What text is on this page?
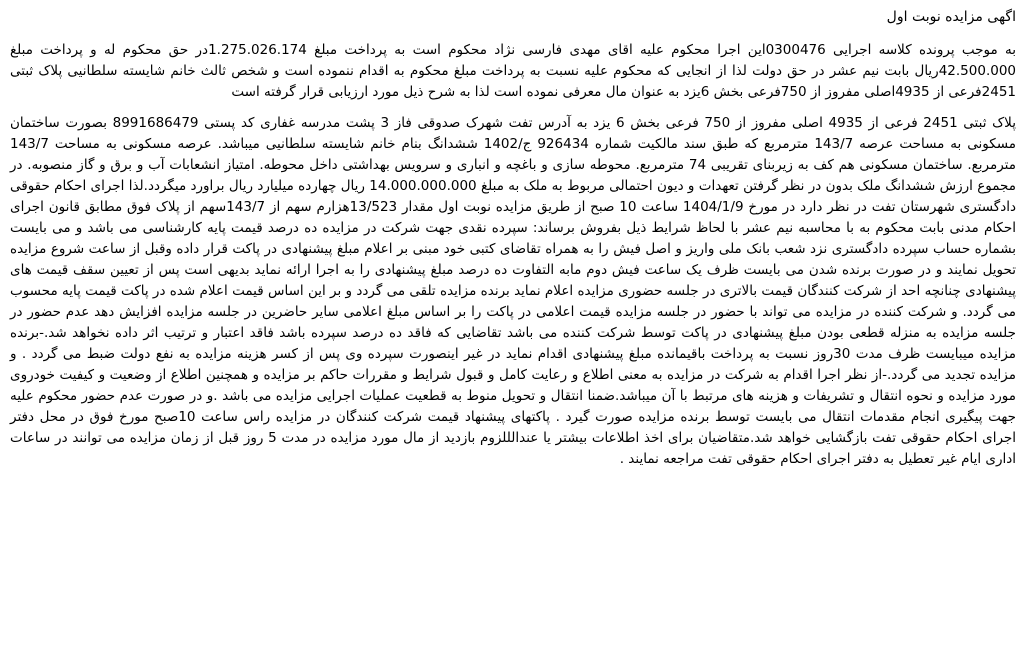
اگهی مزایده نوبت اول

به موجب پرونده کلاسه اجرایی 0300476این اجرا محکوم علیه اقای مهدی فارسی نژاد محکوم است به پرداخت مبلغ 1.275.026.174در حق محکوم له و پرداخت مبلغ 42.500.000ریال بابت نیم عشر در حق دولت لذا از انجایی که محکوم علیه نسبت به پرداخت مبلغ محکوم به اقدام ننموده است و شخص ثالث خانم شایسته سلطانیی پلاک ثبتی 2451فرعی از 4935اصلی مفروز از 750فرعی بخش 6یزد به عنوان مال معرفی نموده است لذا به شرح ذیل مورد ارزیابی قرار گرفته است

پلاک ثبتی 2451 فرعی از 4935 اصلی مفروز از 750 فرعی بخش 6 یزد به آدرس تفت شهرک صدوقی فاز 3 پشت مدرسه غفاری کد پستی 8991686479 بصورت ساختمان مسکونی به مساحت عرصه 143/7 مترمربع که طبق سند مالکیت شماره 926434 ج/1402 ششدانگ بنام خانم شایسته سلطانیی میباشد. عرصه مسکونی به مساحت 143/7 مترمربع. ساختمان مسکونی هم کف به زیربنای تقریبی 74 مترمربع. محوطه سازی و باغچه و انباری و سرویس بهداشتی داخل محوطه. امتیاز انشعابات آب و برق و گاز منصوبه. در مجموع ارزش ششدانگ ملک بدون در نظر گرفتن تعهدات و دیون احتمالی مربوط به ملک به مبلغ 14.000.000.000 ریال چهارده میلیارد ریال براورد میگردد.لذا اجرای احکام حقوقی دادگستری شهرستان تفت در نظر دارد در مورخ 1404/1/9 ساعت 10 صبح از طریق مزایده نوبت اول مقدار 13/523هزارم سهم از 143/7سهم از پلاک فوق مطابق قانون اجرای احکام مدنی بابت محکوم به با محاسبه نیم عشر با لحاظ شرایط ذیل بفروش برساند: سپرده نقدی جهت شرکت در مزایده ده درصد قیمت پایه کارشناسی می باشد و می بایست بشماره حساب سپرده دادگستری نزد شعب بانک ملی واریز و اصل فیش را به همراه تقاضای کتبی خود مبنی بر اعلام مبلغ پیشنهادی در پاکت قرار داده وقبل از ساعت شروع مزایده تحویل نمایند و در صورت برنده شدن می بایست ظرف یک ساعت فیش دوم مابه التفاوت ده درصد مبلغ پیشنهادی را به اجرا ارائه نماید بدیهی است پس از تعیین سقف قیمت های پیشنهادی چنانچه احد از شرکت کنندگان قیمت بالاتری در جلسه حضوری مزایده اعلام نماید برنده مزایده تلقی می گردد و بر این اساس قیمت اعلام شده در پاکت قیمت پایه محسوب می گردد. و شرکت کننده در مزایده می تواند با حضور در جلسه مزایده قیمت اعلامی در پاکت را بر اساس مبلغ اعلامی سایر حاضرین در جلسه مزایده افزایش دهد عدم حضور در جلسه مزایده به منزله قطعی بودن مبلغ پیشنهادی در پاکت توسط شرکت کننده می باشد تقاضایی که فاقد ده درصد سپرده باشد فاقد اعتبار و ترتیب اثر داده نخواهد شد.-برنده مزایده میبایست ظرف مدت 30روز نسبت به پرداخت باقیمانده مبلغ پیشنهادی اقدام نماید در غیر اینصورت سپرده وی پس از کسر هزینه مزایده به نفع دولت ضبط می گردد . و مزایده تجدید می گردد.-از نظر اجرا اقدام به شرکت در مزایده به معنی اطلاع و رعایت کامل و قبول شرایط و مقررات حاکم بر مزایده و همچنین اطلاع از وضعیت و کیفیت خودروی مورد مزایده و نحوه انتقال و تشریفات و هزینه های مرتبط با آن میباشد.ضمنا انتقال و تحویل منوط به قطعیت عملیات اجرایی مزایده می باشد .و در صورت عدم حضور محکوم علیه جهت پیگیری انجام مقدمات انتقال می بایست توسط برنده مزایده صورت گیرد . پاکتهای پیشنهاد قیمت شرکت کنندگان در مزایده راس ساعت 10صبح مورخ فوق در محل دفتر اجرای احکام حقوقی تفت بازگشایی خواهد شد.متقاضیان برای اخذ اطلاعات بیشتر یا عندالللزوم بازدید از مال مورد مزایده در مدت 5 روز قبل از زمان مزایده می توانند در ساعات اداری ایام غیر تعطیل به دفتر اجرای احکام حقوقی تفت مراجعه نمایند .
